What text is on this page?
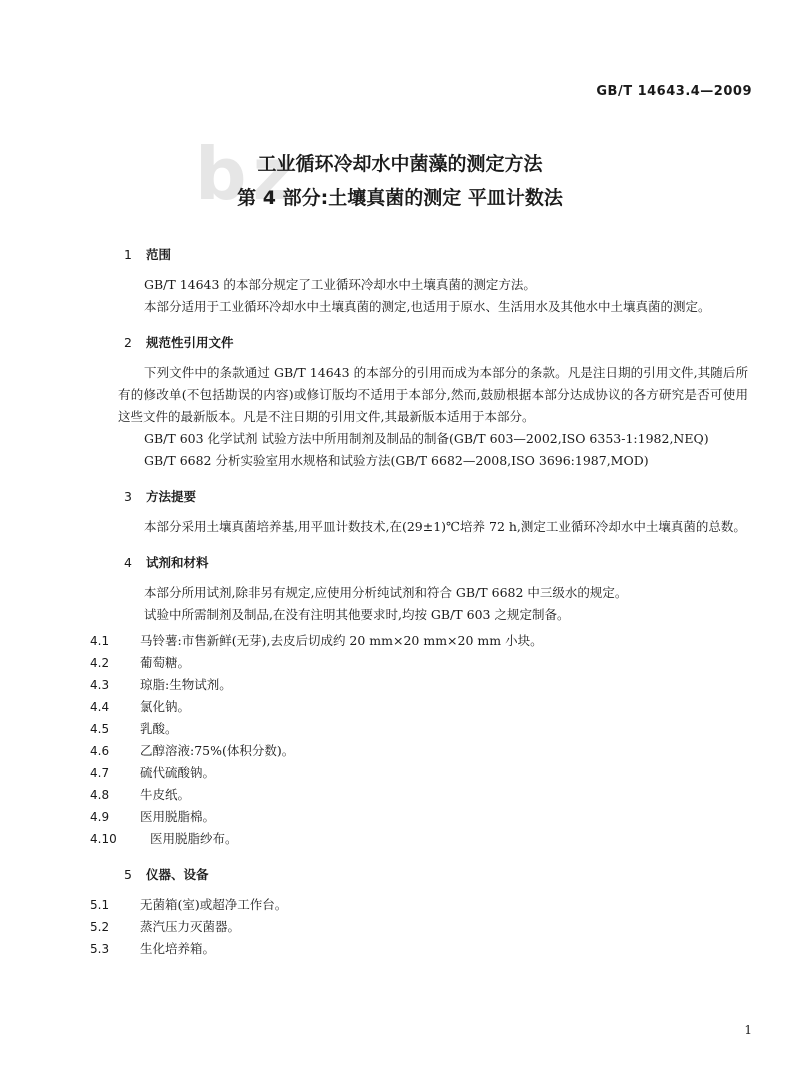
GB/T 14643.4—2009
bz
工业循环冷却水中菌藻的测定方法
第 4 部分:土壤真菌的测定 平皿计数法
1 范围

GB/T 14643 的本部分规定了工业循环冷却水中土壤真菌的测定方法。

本部分适用于工业循环冷却水中土壤真菌的测定,也适用于原水、生活用水及其他水中土壤真菌的测定。

2 规范性引用文件

下列文件中的条款通过 GB/T 14643 的本部分的引用而成为本部分的条款。凡是注日期的引用文件,其随后所有的修改单(不包括勘误的内容)或修订版均不适用于本部分,然而,鼓励根据本部分达成协议的各方研究是否可使用这些文件的最新版本。凡是不注日期的引用文件,其最新版本适用于本部分。

GB/T 603 化学试剂 试验方法中所用制剂及制品的制备(GB/T 603—2002,ISO 6353-1:1982,NEQ)

GB/T 6682 分析实验室用水规格和试验方法(GB/T 6682—2008,ISO 3696:1987,MOD)

3 方法提要

本部分采用土壤真菌培养基,用平皿计数技术,在(29±1)℃培养 72 h,测定工业循环冷却水中土壤真菌的总数。

4 试剂和材料

本部分所用试剂,除非另有规定,应使用分析纯试剂和符合 GB/T 6682 中三级水的规定。

试验中所需制剂及制品,在没有注明其他要求时,均按 GB/T 603 之规定制备。

4.1 马铃薯:市售新鲜(无芽),去皮后切成约 20 mm×20 mm×20 mm 小块。
4.2 葡萄糖。
4.3 琼脂:生物试剂。
4.4 氯化钠。
4.5 乳酸。
4.6 乙醇溶液:75%(体积分数)。
4.7 硫代硫酸钠。
4.8 牛皮纸。
4.9 医用脱脂棉。
4.10	医用脱脂纱布。
5 仪器、设备
5.1 无菌箱(室)或超净工作台。
5.2 蒸汽压力灭菌器。
5.3 生化培养箱。
1
